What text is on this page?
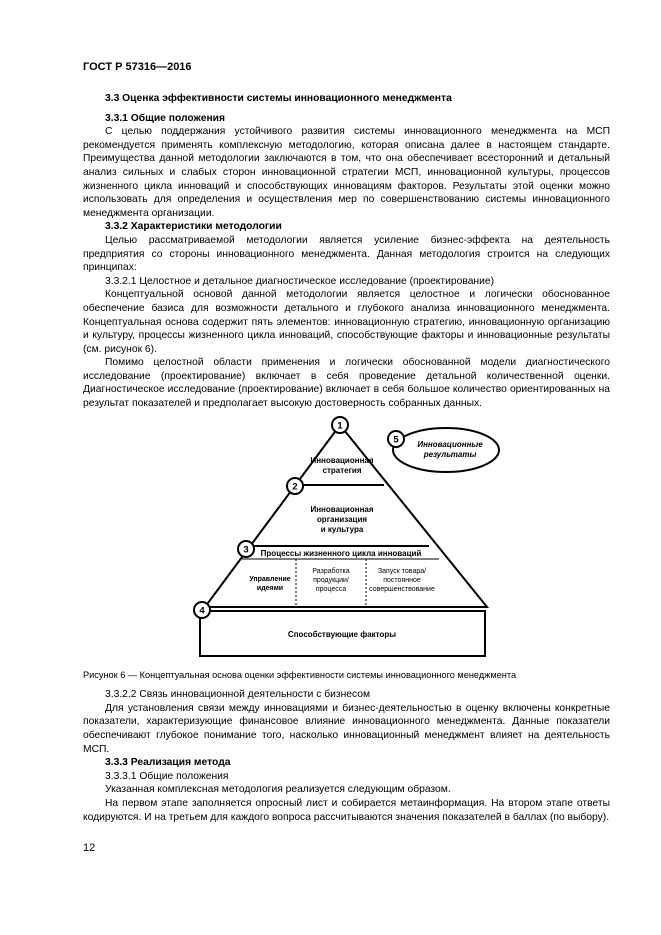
ГОСТ Р 57316—2016

3.3 Оценка эффективности системы инновационного менеджмента

3.3.1 Общие положения

С целью поддержания устойчивого развития системы инновационного менеджмента на МСП рекомендуется применять комплексную методологию, которая описана далее в настоящем стандарте. Преимущества данной методологии заключаются в том, что она обеспечивает всесторонний и детальный анализ сильных и слабых сторон инновационной стратегии МСП, инновационной культуры, процессов жизненного цикла инноваций и способствующих инновациям факторов. Результаты этой оценки можно использовать для определения и осуществления мер по совершенствованию системы инновационного менеджмента организации.

3.3.2 Характеристики методологии

Целью рассматриваемой методологии является усиление бизнес-эффекта на деятельность предприятия со стороны инновационного менеджмента. Данная методология строится на следующих принципах:

3.3.2.1 Целостное и детальное диагностическое исследование (проектирование)

Концептуальной основой данной методологии является целостное и логически обоснованное обеспечение базиса для возможности детального и глубокого анализа инновационного менеджмента. Концептуальная основа содержит пять элементов: инновационную стратегию, инновационную организацию и культуру, процессы жизненного цикла инноваций, способствующие факторы и инновационные результаты (см. рисунок 6).

Помимо целостной области применения и логически обоснованной модели диагностического исследование (проектирование) включает в себя проведение детальной количественной оценки. Диагностическое исследование (проектирование) включает в себя большое количество ориентированных на результат показателей и предполагает высокую достоверность собранных данных.

1
2
3
4
5
Инновационная
стратегия
Инновационная
организация
и культура
Процессы жизненного цикла инноваций
Инновационные
результаты
Способствующие факторы
Управление
идеями
Разработка
продукции/
процесса
Запуск товара/
постоянное
совершенствование

Рисунок 6 — Концептуальная основа оценки эффективности системы инновационного менеджмента

3.3.2.2 Связь инновационной деятельности с бизнесом

Для установления связи между инновациями и бизнес-деятельностью в оценку включены конкретные показатели, характеризующие финансовое влияние инновационного менеджмента. Данные показатели обеспечивают глубокое понимание того, насколько инновационный менеджмент влияет на деятельность МСП.

3.3.3 Реализация метода

3.3.3.1 Общие положения

Указанная комплексная методология реализуется следующим образом.

На первом этапе заполняется опросный лист и собирается метаинформация. На втором этапе ответы кодируются. И на третьем для каждого вопроса рассчитываются значения показателей в баллах (по выбору).

12
